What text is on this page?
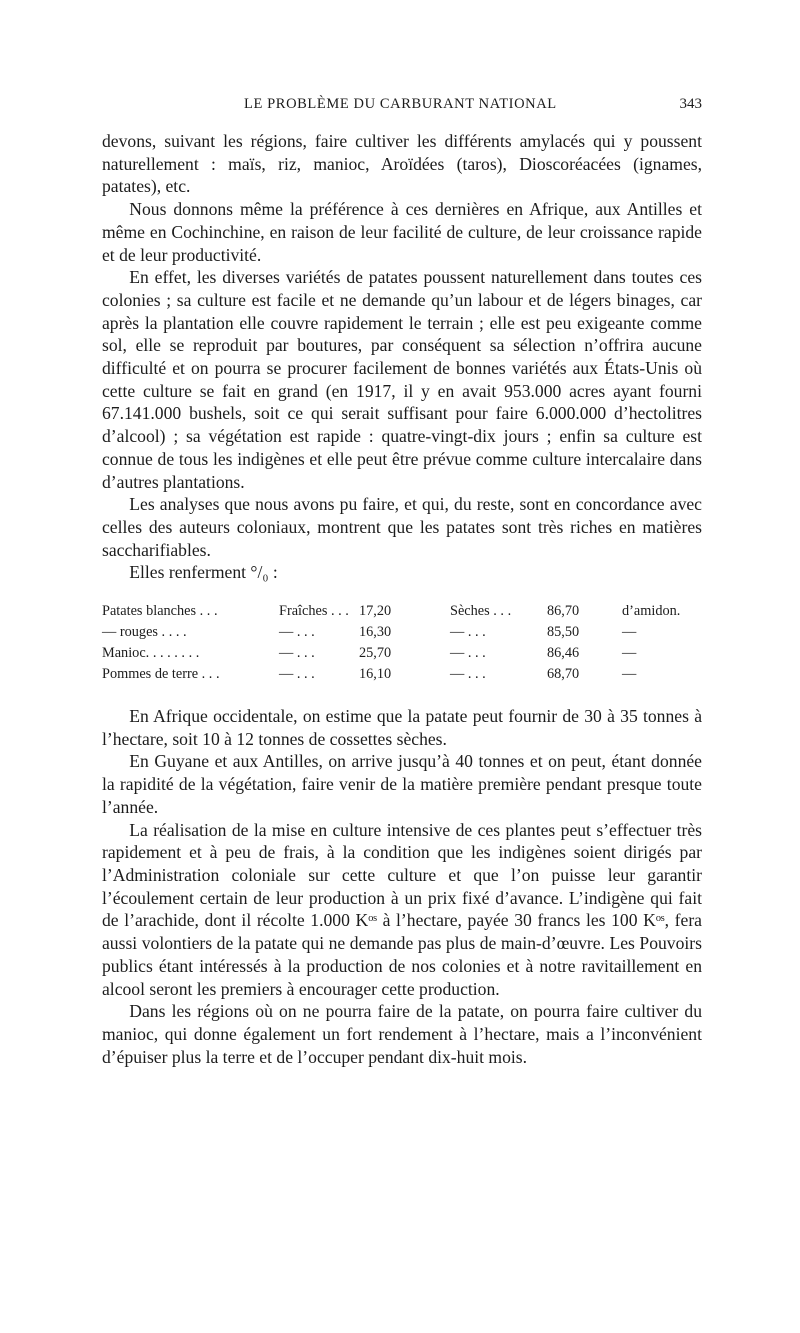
LE PROBLÈME DU CARBURANT NATIONAL	343

devons, suivant les régions, faire cultiver les différents amylacés qui y poussent naturellement : maïs, riz, manioc, Aroïdées (taros), Dioscoréacées (ignames, patates), etc.

Nous donnons même la préférence à ces dernières en Afrique, aux Antilles et même en Cochinchine, en raison de leur facilité de culture, de leur croissance rapide et de leur productivité.

En effet, les diverses variétés de patates poussent naturellement dans toutes ces colonies ; sa culture est facile et ne demande qu’un labour et de légers binages, car après la plantation elle couvre rapidement le terrain ; elle est peu exigeante comme sol, elle se reproduit par boutures, par conséquent sa sélection n’offrira aucune difficulté et on pourra se procurer facilement de bonnes variétés aux États-Unis où cette culture se fait en grand (en 1917, il y en avait 953.000 acres ayant fourni 67.141.000 bushels, soit ce qui serait suffisant pour faire 6.000.000 d’hectolitres d’alcool) ; sa végétation est rapide : quatre-vingt-dix jours ; enfin sa culture est connue de tous les indigènes et elle peut être prévue comme culture intercalaire dans d’autres plantations.

Les analyses que nous avons pu faire, et qui, du reste, sont en concordance avec celles des auteurs coloniaux, montrent que les patates sont très riches en matières saccharifiables.

Elles renferment °/₀ :

Patates blanches . . .	Fraîches . . .	17,20	Sèches . . .	86,70	d’amidon.
— rouges . . . .	— . . .	16,30	— . . .	85,50	—
Manioc. . . . . . . .	— . . .	25,70	— . . .	86,46	—
Pommes de terre . . .	— . . .	16,10	— . . .	68,70	—

En Afrique occidentale, on estime que la patate peut fournir de 30 à 35 tonnes à l’hectare, soit 10 à 12 tonnes de cossettes sèches.

En Guyane et aux Antilles, on arrive jusqu’à 40 tonnes et on peut, étant donnée la rapidité de la végétation, faire venir de la matière première pendant presque toute l’année.

La réalisation de la mise en culture intensive de ces plantes peut s’effectuer très rapidement et à peu de frais, à la condition que les indigènes soient dirigés par l’Administration coloniale sur cette culture et que l’on puisse leur garantir l’écoulement certain de leur production à un prix fixé d’avance. L’indigène qui fait de l’arachide, dont il récolte 1.000 Kᵒˢ à l’hectare, payée 30 francs les 100 Kᵒˢ, fera aussi volontiers de la patate qui ne demande pas plus de main-d’œuvre. Les Pouvoirs publics étant intéressés à la production de nos colonies et à notre ravitaillement en alcool seront les premiers à encourager cette production.

Dans les régions où on ne pourra faire de la patate, on pourra faire cultiver du manioc, qui donne également un fort rendement à l’hectare, mais a l’inconvénient d’épuiser plus la terre et de l’occuper pendant dix-huit mois.
